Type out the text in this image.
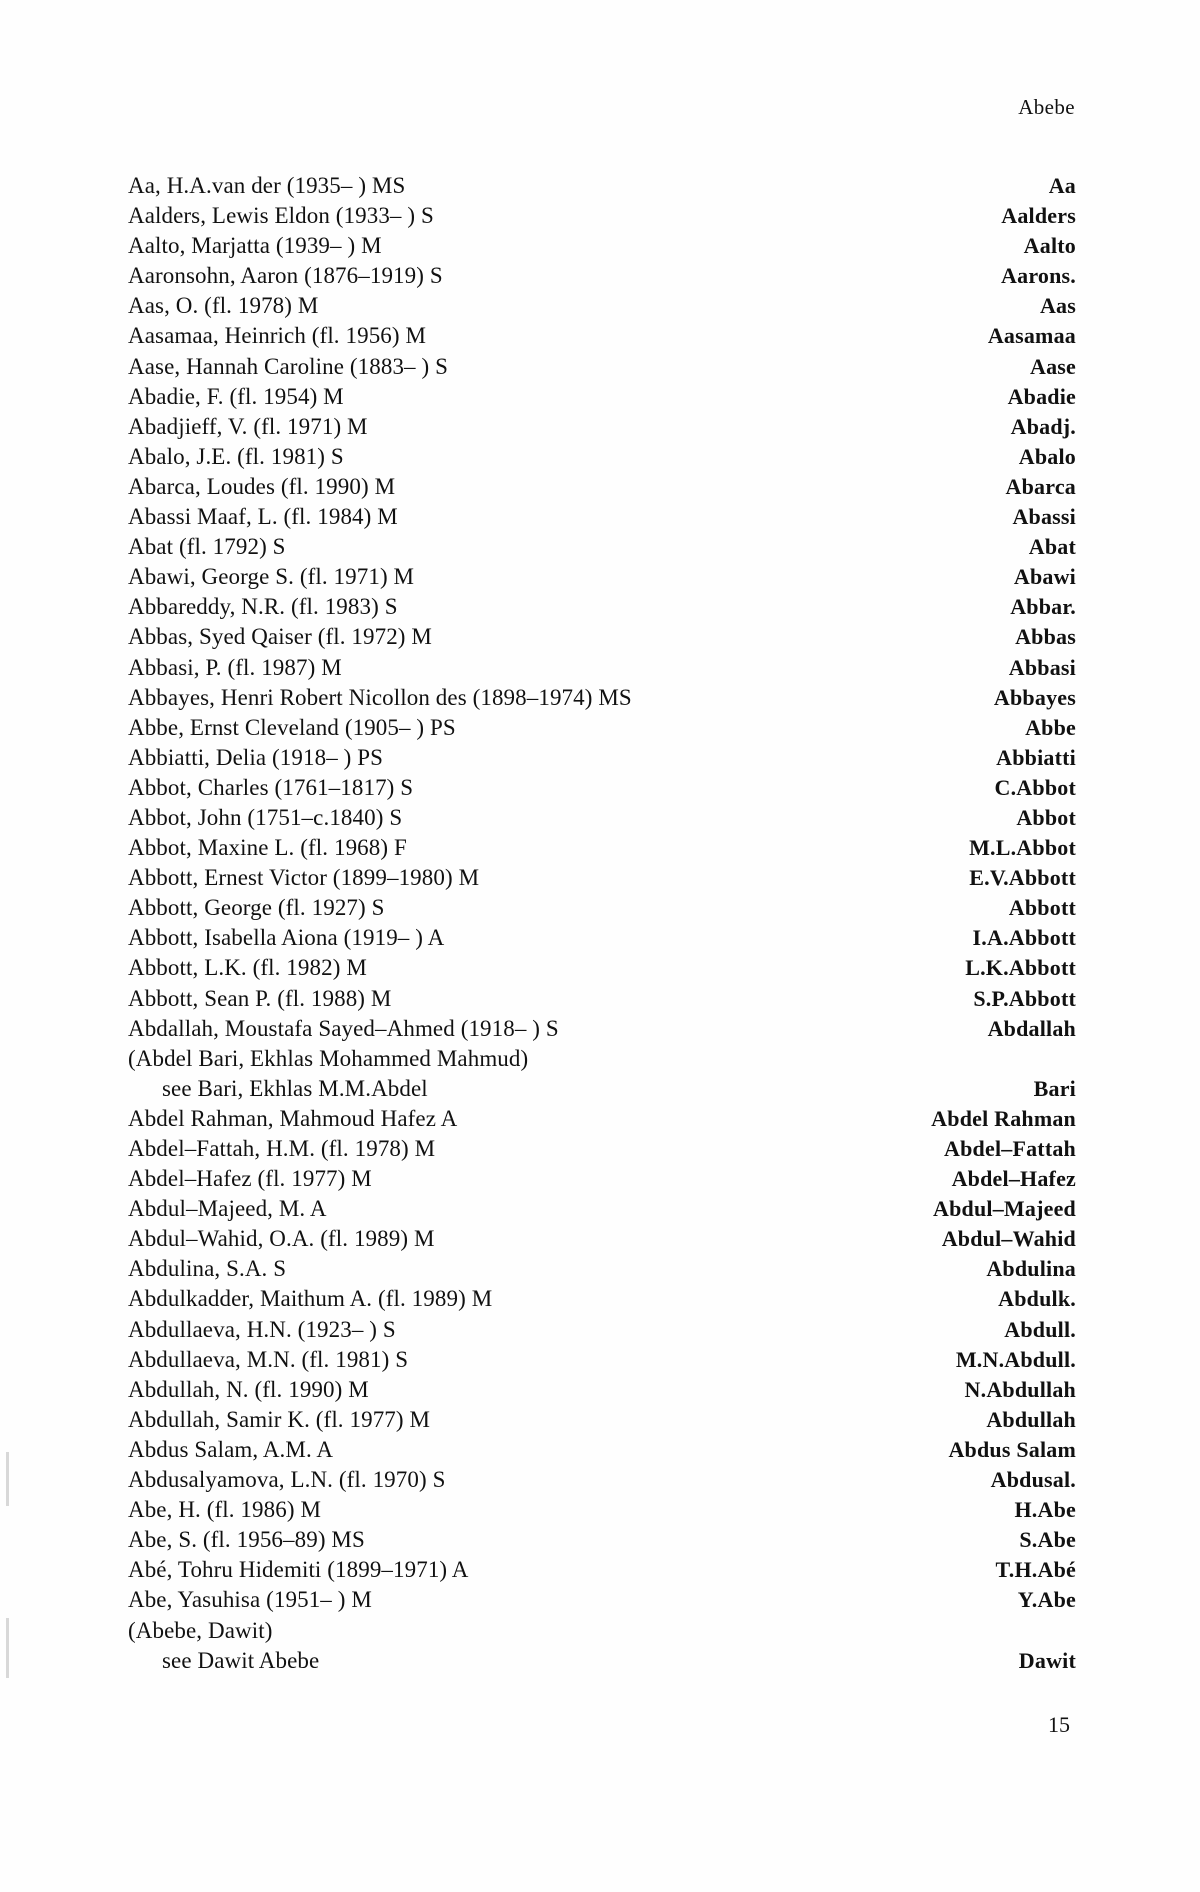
Abebe
Aa, H.A.van der (1935– ) MS	Aa
Aalders, Lewis Eldon (1933– ) S	Aalders
Aalto, Marjatta (1939– ) M	Aalto
Aaronsohn, Aaron (1876–1919) S	Aarons.
Aas, O. (fl. 1978) M	Aas
Aasamaa, Heinrich (fl. 1956) M	Aasamaa
Aase, Hannah Caroline (1883– ) S	Aase
Abadie, F. (fl. 1954) M	Abadie
Abadjieff, V. (fl. 1971) M	Abadj.
Abalo, J.E. (fl. 1981) S	Abalo
Abarca, Loudes (fl. 1990) M	Abarca
Abassi Maaf, L. (fl. 1984) M	Abassi
Abat (fl. 1792) S	Abat
Abawi, George S. (fl. 1971) M	Abawi
Abbareddy, N.R. (fl. 1983) S	Abbar.
Abbas, Syed Qaiser (fl. 1972) M	Abbas
Abbasi, P. (fl. 1987) M	Abbasi
Abbayes, Henri Robert Nicollon des (1898–1974) MS	Abbayes
Abbe, Ernst Cleveland (1905– ) PS	Abbe
Abbiatti, Delia (1918– ) PS	Abbiatti
Abbot, Charles (1761–1817) S	C.Abbot
Abbot, John (1751–c.1840) S	Abbot
Abbot, Maxine L. (fl. 1968) F	M.L.Abbot
Abbott, Ernest Victor (1899–1980) M	E.V.Abbott
Abbott, George (fl. 1927) S	Abbott
Abbott, Isabella Aiona (1919– ) A	I.A.Abbott
Abbott, L.K. (fl. 1982) M	L.K.Abbott
Abbott, Sean P. (fl. 1988) M	S.P.Abbott
Abdallah, Moustafa Sayed–Ahmed (1918– ) S	Abdallah
(Abdel Bari, Ekhlas Mohammed Mahmud)
see Bari, Ekhlas M.M.Abdel	Bari
Abdel Rahman, Mahmoud Hafez A	Abdel Rahman
Abdel–Fattah, H.M. (fl. 1978) M	Abdel–Fattah
Abdel–Hafez (fl. 1977) M	Abdel–Hafez
Abdul–Majeed, M. A	Abdul–Majeed
Abdul–Wahid, O.A. (fl. 1989) M	Abdul–Wahid
Abdulina, S.A. S	Abdulina
Abdulkadder, Maithum A. (fl. 1989) M	Abdulk.
Abdullaeva, H.N. (1923– ) S	Abdull.
Abdullaeva, M.N. (fl. 1981) S	M.N.Abdull.
Abdullah, N. (fl. 1990) M	N.Abdullah
Abdullah, Samir K. (fl. 1977) M	Abdullah
Abdus Salam, A.M. A	Abdus Salam
Abdusalyamova, L.N. (fl. 1970) S	Abdusal.
Abe, H. (fl. 1986) M	H.Abe
Abe, S. (fl. 1956–89) MS	S.Abe
Abé, Tohru Hidemiti (1899–1971) A	T.H.Abé
Abe, Yasuhisa (1951– ) M	Y.Abe
(Abebe, Dawit)
see Dawit Abebe	Dawit
15
